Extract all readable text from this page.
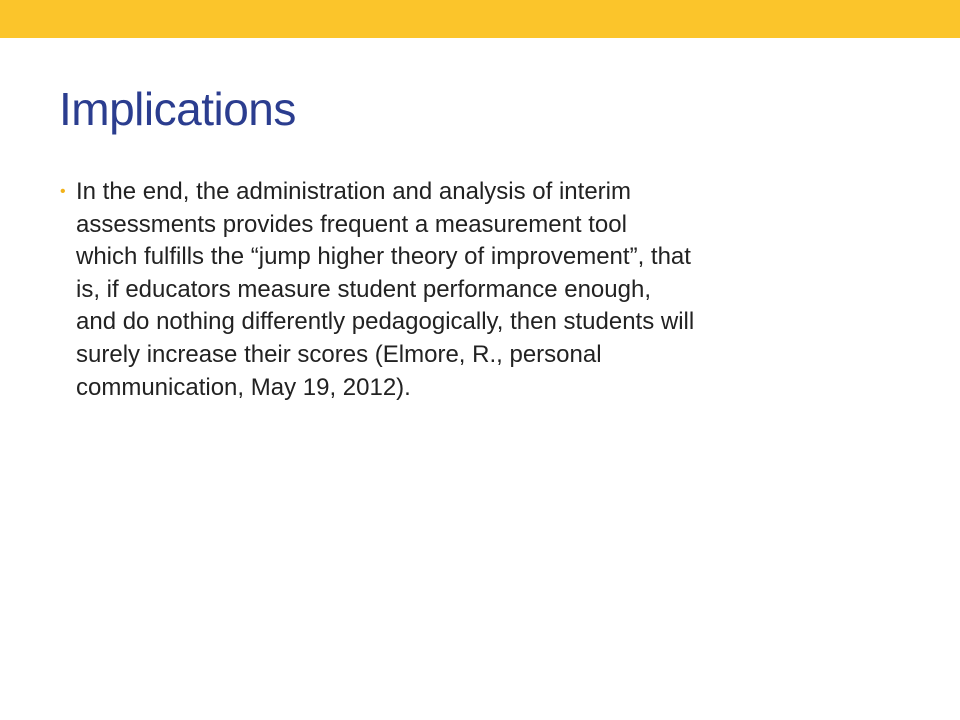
Implications
• In the end, the administration and analysis of interim
assessments provides frequent a measurement tool
which fulfills the “jump higher theory of improvement”, that
is, if educators measure student performance enough,
and do nothing differently pedagogically, then students will
surely increase their scores (Elmore, R., personal
communication, May 19, 2012).
